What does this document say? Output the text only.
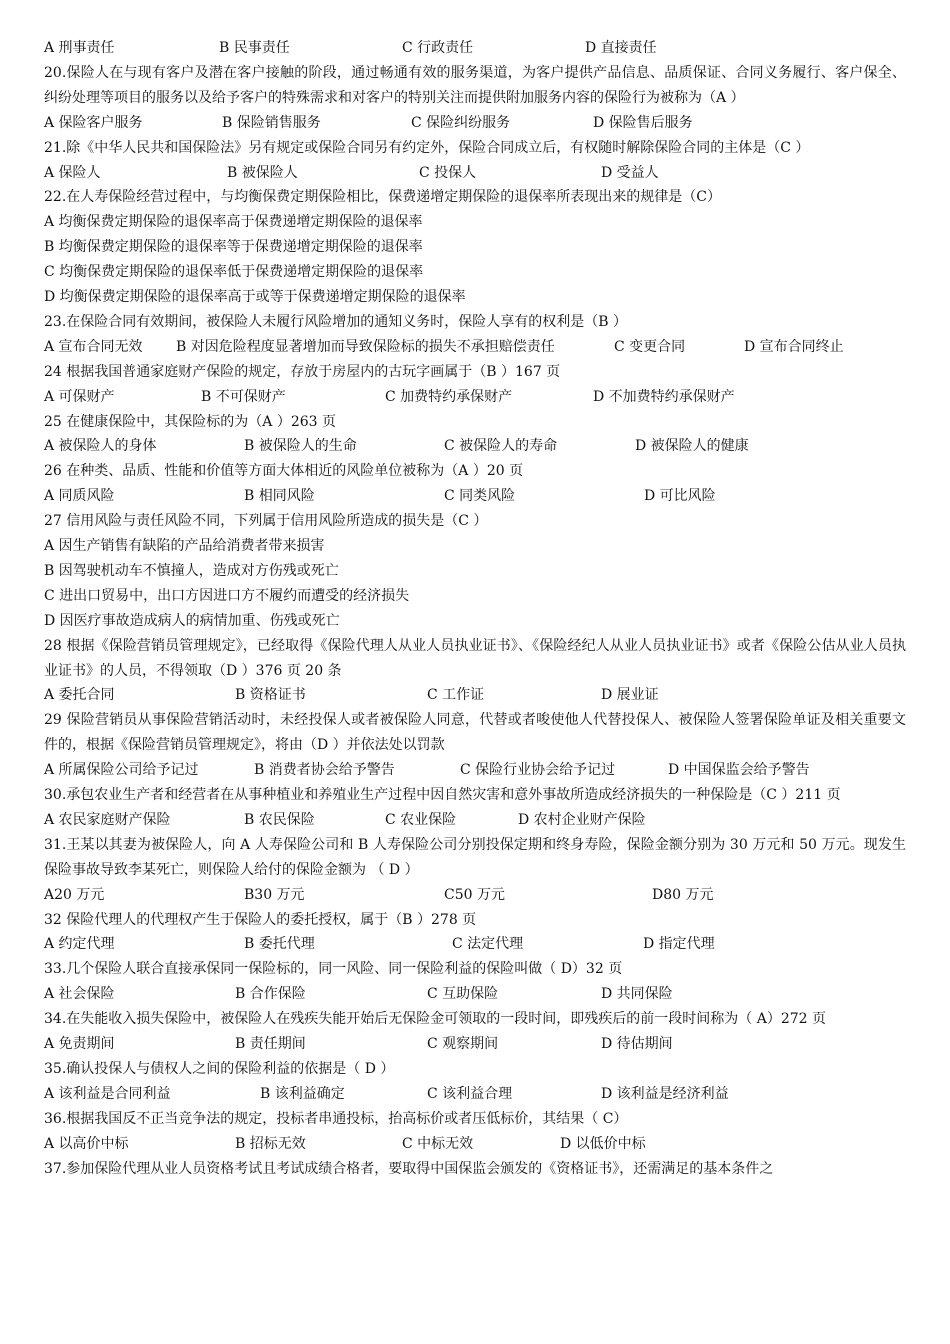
A 刑事责任	B 民事责任	C 行政责任	D 直接责任
20.保险人在与现有客户及潜在客户接触的阶段，通过畅通有效的服务渠道，为客户提供产品信息、品质保证、合同义务履行、客户保全、纠纷处理等项目的服务以及给予客户的特殊需求和对客户的特别关注而提供附加服务内容的保险行为被称为（A ）
A 保险客户服务	B 保险销售服务	C 保险纠纷服务	D 保险售后服务
21.除《中华人民共和国保险法》另有规定或保险合同另有约定外，保险合同成立后，有权随时解除保险合同的主体是（C ）
A 保险人	B 被保险人	C 投保人	D 受益人
22.在人寿保险经营过程中，与均衡保费定期保险相比，保费递增定期保险的退保率所表现出来的规律是（C）
A 均衡保费定期保险的退保率高于保费递增定期保险的退保率
B 均衡保费定期保险的退保率等于保费递增定期保险的退保率
C 均衡保费定期保险的退保率低于保费递增定期保险的退保率
D 均衡保费定期保险的退保率高于或等于保费递增定期保险的退保率
23.在保险合同有效期间，被保险人未履行风险增加的通知义务时，保险人享有的权利是（B ）
A 宣布合同无效 B 对因危险程度显著增加而导致保险标的损失不承担赔偿责任	C 变更合同	D 宣布合同终止
24 根据我国普通家庭财产保险的规定，存放于房屋内的古玩字画属于（B ）167 页
A 可保财产	B 不可保财产	C 加费特约承保财产	D 不加费特约承保财产
25 在健康保险中，其保险标的为（A ）263 页
A 被保险人的身体	B 被保险人的生命	C 被保险人的寿命	D 被保险人的健康
26 在种类、品质、性能和价值等方面大体相近的风险单位被称为（A ）20 页
A 同质风险	B 相同风险	C 同类风险	D 可比风险
27 信用风险与责任风险不同，下列属于信用风险所造成的损失是（C ）
A 因生产销售有缺陷的产品给消费者带来损害
B 因驾驶机动车不慎撞人，造成对方伤残或死亡
C 进出口贸易中，出口方因进口方不履约而遭受的经济损失
D 因医疗事故造成病人的病情加重、伤残或死亡
28 根据《保险营销员管理规定》，已经取得《保险代理人从业人员执业证书》、《保险经纪人从业人员执业证书》或者《保险公估从业人员执业证书》的人员，不得领取（D ）376 页 20 条
A 委托合同	B 资格证书	C 工作证	D 展业证
29 保险营销员从事保险营销活动时，未经投保人或者被保险人同意，代替或者唆使他人代替投保人、被保险人签署保险单证及相关重要文件的，根据《保险营销员管理规定》，将由（D ）并依法处以罚款
A 所属保险公司给予记过	B 消费者协会给予警告	C 保险行业协会给予记过	D 中国保监会给予警告
30.承包农业生产者和经营者在从事种植业和养殖业生产过程中因自然灾害和意外事故所造成经济损失的一种保险是（C ）211 页
A 农民家庭财产保险	B 农民保险	C 农业保险	D 农村企业财产保险
31.王某以其妻为被保险人，向 A 人寿保险公司和 B 人寿保险公司分别投保定期和终身寿险，保险金额分别为 30 万元和 50 万元。现发生保险事故导致李某死亡，则保险人给付的保险金额为 （ D ）
A20 万元	B30 万元	C50 万元	D80 万元
32 保险代理人的代理权产生于保险人的委托授权，属于（B ）278 页
A 约定代理	B 委托代理	C 法定代理	D 指定代理
33.几个保险人联合直接承保同一保险标的，同一风险、同一保险利益的保险叫做（ D）32 页
A 社会保险	B 合作保险	C 互助保险	D 共同保险
34.在失能收入损失保险中，被保险人在残疾失能开始后无保险金可领取的一段时间，即残疾后的前一段时间称为（ A）272 页
A 免责期间	B 责任期间	C 观察期间	D 待估期间
35.确认投保人与债权人之间的保险利益的依据是（ D ）
A 该利益是合同利益	B 该利益确定	C 该利益合理	D 该利益是经济利益
36.根据我国反不正当竞争法的规定，投标者串通投标，抬高标价或者压低标价，其结果（ C）
A 以高价中标	B 招标无效	C 中标无效	D 以低价中标
37.参加保险代理从业人员资格考试且考试成绩合格者，要取得中国保监会颁发的《资格证书》，还需满足的基本条件之
